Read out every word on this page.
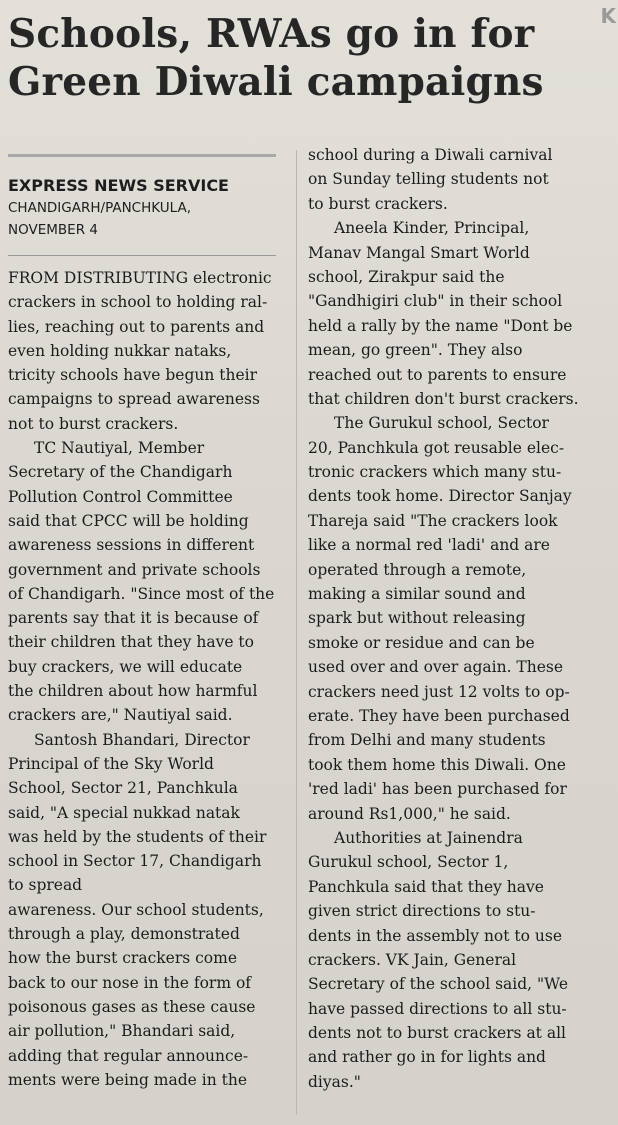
K
Schools, RWAs go in for
Green Diwali campaigns
EXPRESS NEWS SERVICE
CHANDIGARH/PANCHKULA,
NOVEMBER 4
FROM DISTRIBUTING electronic
crackers in school to holding ral-
lies, reaching out to parents and
even holding nukkar nataks,
tricity schools have begun their
campaigns to spread awareness
not to burst crackers.
TC Nautiyal, Member
Secretary of the Chandigarh
Pollution Control Committee
said that CPCC will be holding
awareness sessions in different
government and private schools
of Chandigarh. "Since most of the
parents say that it is because of
their children that they have to
buy crackers, we will educate
the children about how harmful
crackers are," Nautiyal said.
Santosh Bhandari, Director
Principal of the Sky World
School, Sector 21, Panchkula
said, "A special nukkad natak
was held by the students of their
school in Sector 17, Chandigarh
to spread
awareness. Our school students,
through a play, demonstrated
how the burst crackers come
back to our nose in the form of
poisonous gases as these cause
air pollution," Bhandari said,
adding that regular announce-
ments were being made in the
school during a Diwali carnival
on Sunday telling students not
to burst crackers.
Aneela Kinder, Principal,
Manav Mangal Smart World
school, Zirakpur said the
"Gandhigiri club" in their school
held a rally by the name "Dont be
mean, go green". They also
reached out to parents to ensure
that children don't burst crackers.
The Gurukul school, Sector
20, Panchkula got reusable elec-
tronic crackers which many stu-
dents took home. Director Sanjay
Thareja said "The crackers look
like a normal red 'ladi' and are
operated through a remote,
making a similar sound and
spark but without releasing
smoke or residue and can be
used over and over again. These
crackers need just 12 volts to op-
erate. They have been purchased
from Delhi and many students
took them home this Diwali. One
'red ladi' has been purchased for
around Rs1,000," he said.
Authorities at Jainendra
Gurukul school, Sector 1,
Panchkula said that they have
given strict directions to stu-
dents in the assembly not to use
crackers. VK Jain, General
Secretary of the school said, "We
have passed directions to all stu-
dents not to burst crackers at all
and rather go in for lights and
diyas."
